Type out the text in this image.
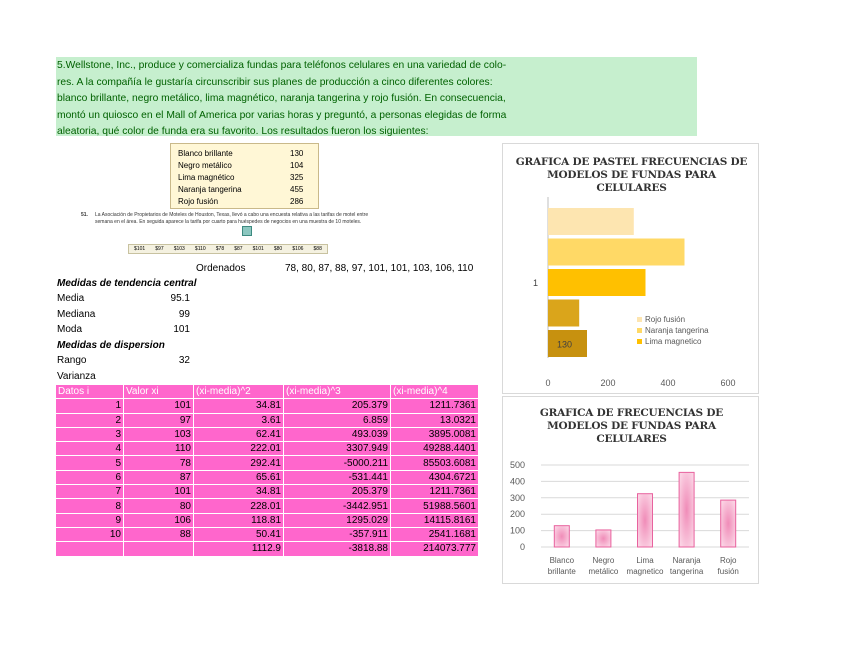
5.Wellstone, Inc., produce y comercializa fundas para teléfonos celulares en una variedad de colo-
res. A la compañía le gustaría circunscribir sus planes de producción a cinco diferentes colores:
blanco brillante, negro metálico, lima magnético, naranja tangerina y rojo fusión. En consecuencia,
montó un quiosco en el Mall of America por varias horas y preguntó, a personas elegidas de forma
aleatoria, qué color de funda era su favorito. Los resultados fueron los siguientes:
Blanco brillante	130
Negro metálico	104
Lima magnético	325
Naranja tangerina	455
Rojo fusión	286
51.	La Asociación de Propietarios de Moteles de Houston, Texas, llevó a cabo una encuesta relativa a las tarifas de motel entre semana en el área. En seguida aparece la tarifa por cuarto para huéspedes de negocios en una muestra de 10 moteles.
$101 $97 $103 $110 $78 $87 $101 $80 $106 $88
Ordenados	78, 80, 87, 88, 97, 101, 101, 103, 106, 110
Medidas de tendencia central
Media	95.1
Mediana	99
Moda	101
Medidas de dispersion
Rango	32
Varianza
Datos i	Valor xi	(xi-media)^2	(xi-media)^3	(xi-media)^4
1	101	34.81	205.379	1211.7361
2	97	3.61	6.859	13.0321
3	103	62.41	493.039	3895.0081
4	110	222.01	3307.949	49288.4401
5	78	292.41	-5000.211	85503.6081
6	87	65.61	-531.441	4304.6721
7	101	34.81	205.379	1211.7361
8	80	228.01	-3442.951	51988.5601
9	106	118.81	1295.029	14115.8161
10	88	50.41	-357.911	2541.1681
		1112.9	-3818.88	214073.777
GRAFICA DE PASTEL FRECUENCIAS DE MODELOS DE FUNDAS PARA CELULARES
130
1
0	200	400	600
Rojo fusión
Naranja tangerina
Lima magnetico
GRAFICA DE FRECUENCIAS DE MODELOS DE FUNDAS PARA CELULARES
0
100
200
300
400
500
Blanco
brillante
Negro
metálico
Lima
magnetico
Naranja
tangerina
Rojo
fusión
